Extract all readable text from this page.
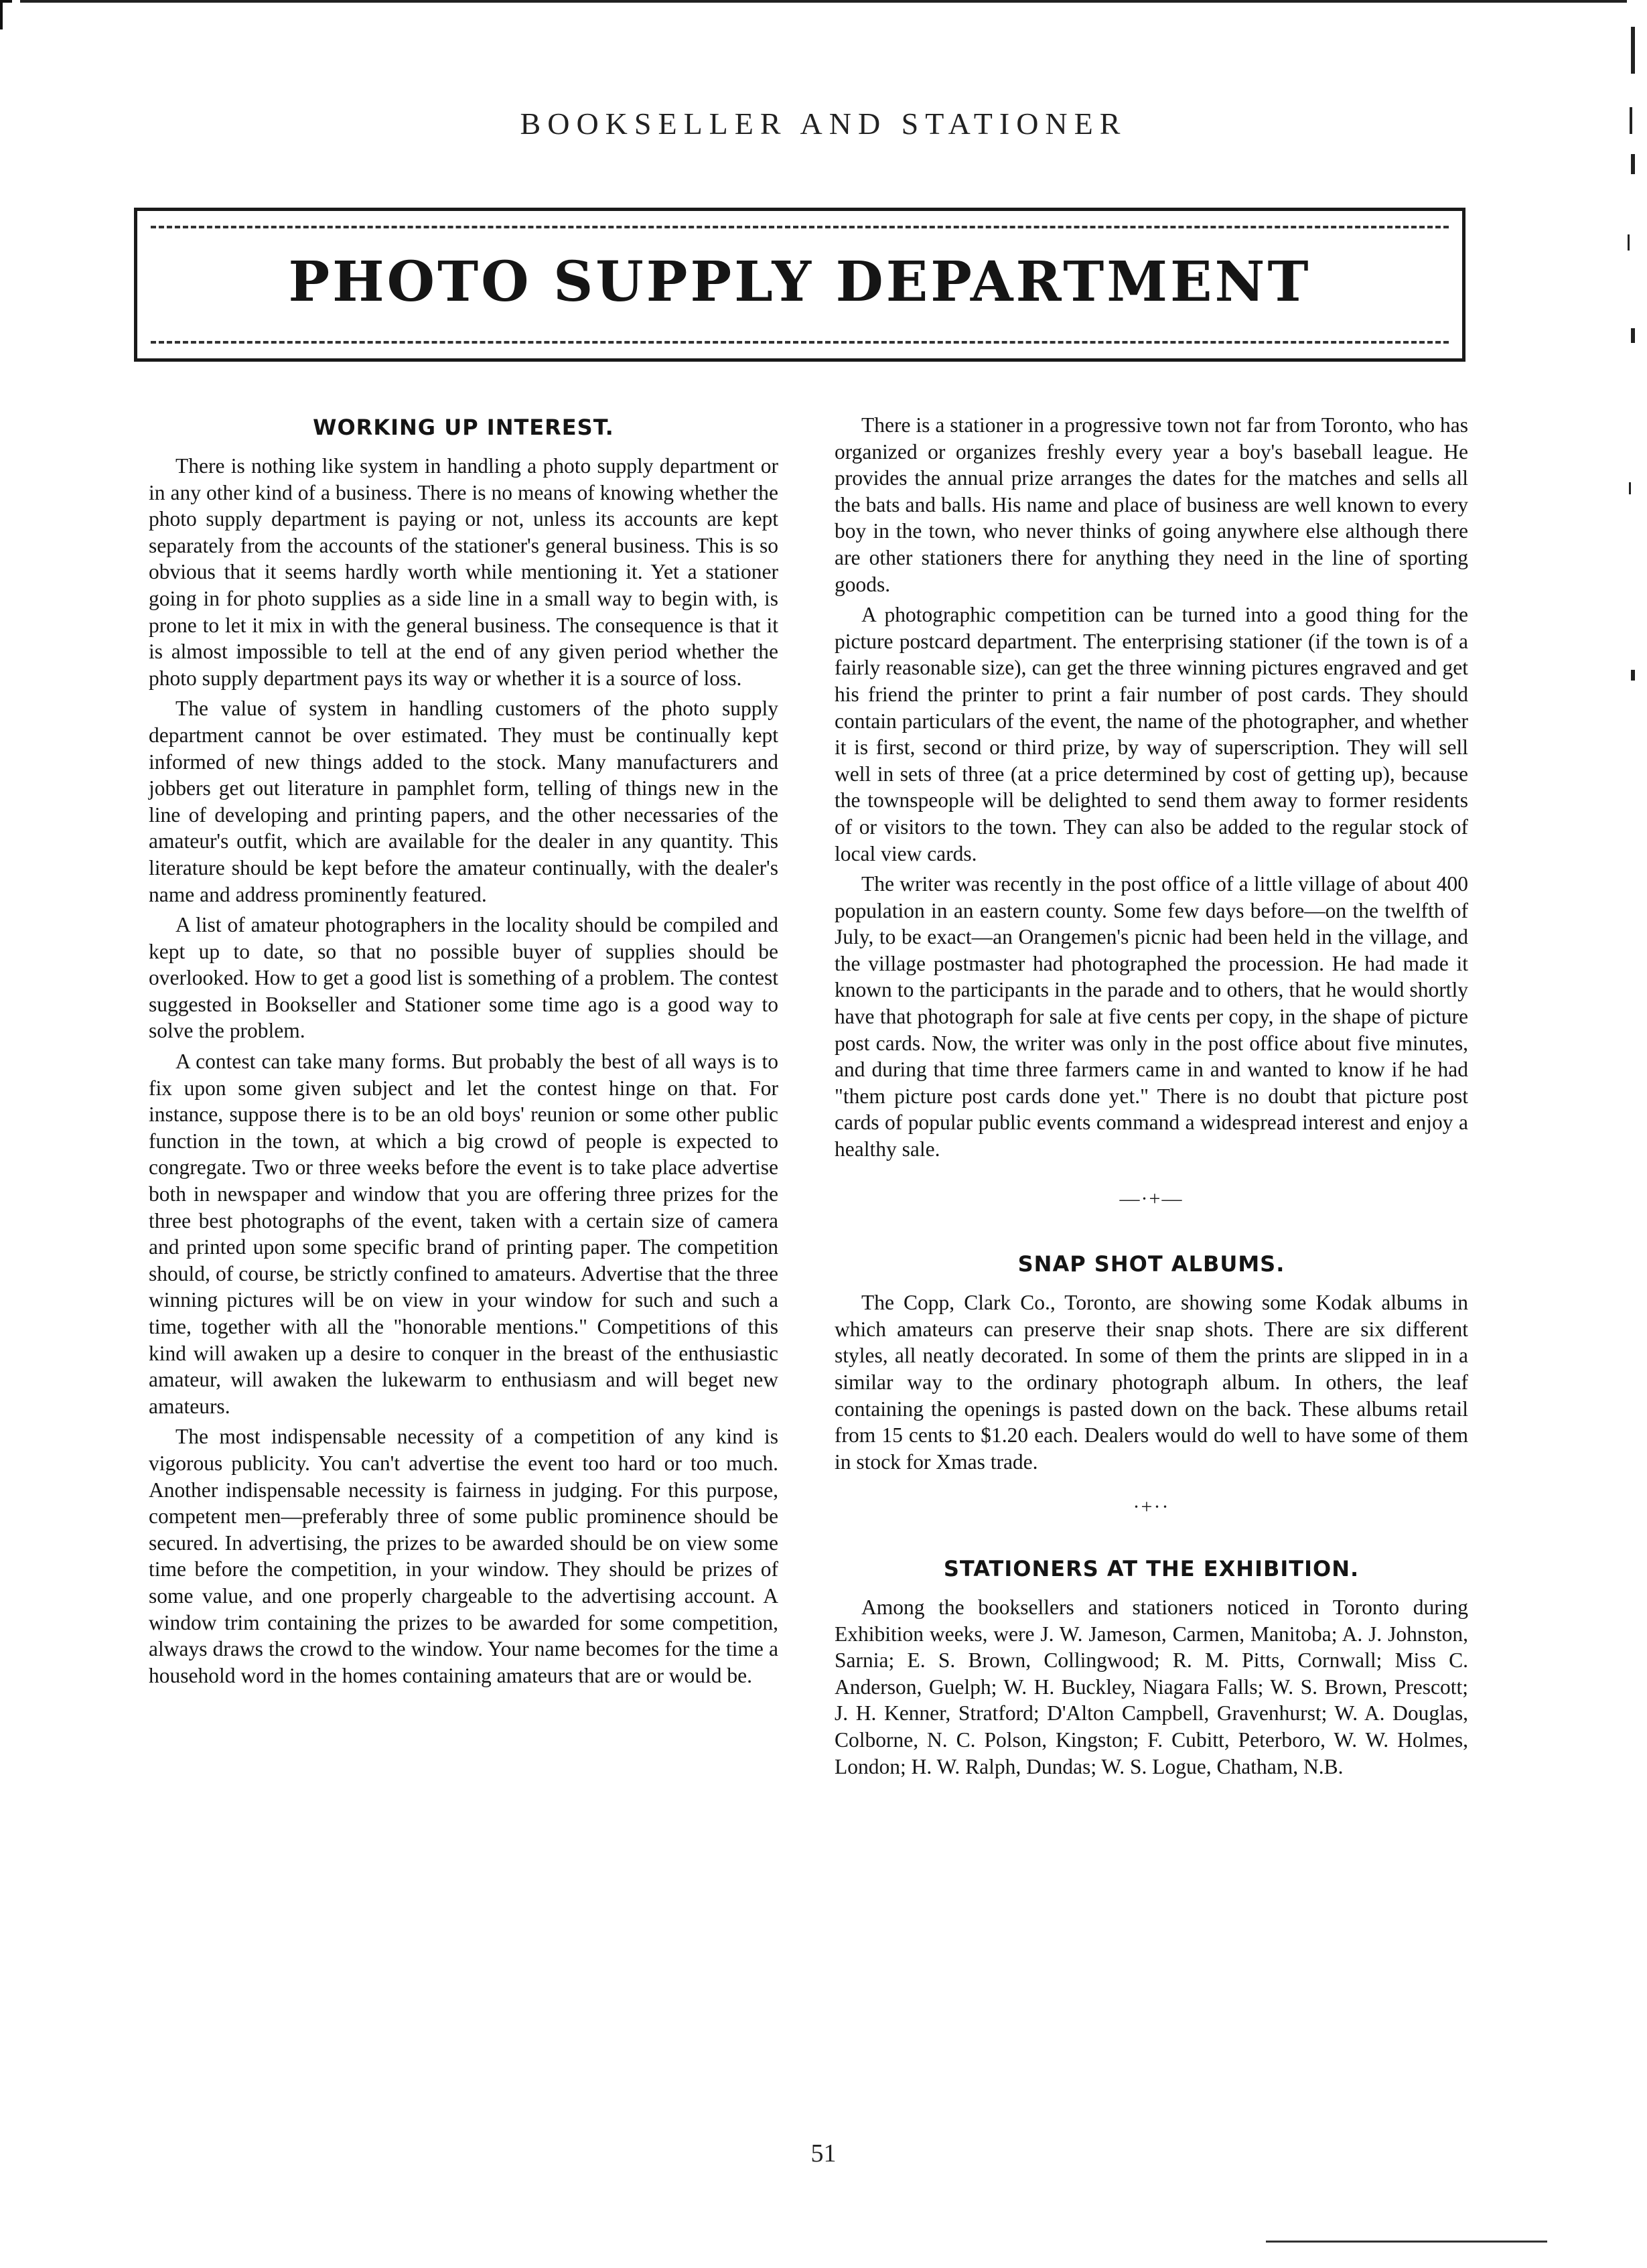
BOOKSELLER AND STATIONER
PHOTO SUPPLY DEPARTMENT
WORKING UP INTEREST.

There is nothing like system in handling a photo supply department or in any other kind of a business. There is no means of knowing whether the photo supply department is paying or not, unless its accounts are kept separately from the accounts of the stationer's general business. This is so obvious that it seems hardly worth while mentioning it. Yet a stationer going in for photo supplies as a side line in a small way to begin with, is prone to let it mix in with the general business. The consequence is that it is almost impossible to tell at the end of any given period whether the photo supply department pays its way or whether it is a source of loss.

The value of system in handling customers of the photo supply department cannot be over estimated. They must be continually kept informed of new things added to the stock. Many manufacturers and jobbers get out literature in pamphlet form, telling of things new in the line of developing and printing papers, and the other necessaries of the amateur's outfit, which are available for the dealer in any quantity. This literature should be kept before the amateur continually, with the dealer's name and address prominently featured.

A list of amateur photographers in the locality should be compiled and kept up to date, so that no possible buyer of supplies should be overlooked. How to get a good list is something of a problem. The contest suggested in Bookseller and Stationer some time ago is a good way to solve the problem.

A contest can take many forms. But probably the best of all ways is to fix upon some given subject and let the contest hinge on that. For instance, suppose there is to be an old boys' reunion or some other public function in the town, at which a big crowd of people is expected to congregate. Two or three weeks before the event is to take place advertise both in newspaper and window that you are offering three prizes for the three best photographs of the event, taken with a certain size of camera and printed upon some specific brand of printing paper. The competition should, of course, be strictly confined to amateurs. Advertise that the three winning pictures will be on view in your window for such and such a time, together with all the "honorable mentions." Competitions of this kind will awaken up a desire to conquer in the breast of the enthusiastic amateur, will awaken the lukewarm to enthusiasm and will beget new amateurs.

The most indispensable necessity of a competition of any kind is vigorous publicity. You can't advertise the event too hard or too much. Another indispensable necessity is fairness in judging. For this purpose, competent men—preferably three of some public prominence should be secured. In advertising, the prizes to be awarded should be on view some time before the competition, in your window. They should be prizes of some value, and one properly chargeable to the advertising account. A window trim containing the prizes to be awarded for some competition, always draws the crowd to the window. Your name becomes for the time a household word in the homes containing amateurs that are or would be.

There is a stationer in a progressive town not far from Toronto, who has organized or organizes freshly every year a boy's baseball league. He provides the annual prize arranges the dates for the matches and sells all the bats and balls. His name and place of business are well known to every boy in the town, who never thinks of going anywhere else although there are other stationers there for anything they need in the line of sporting goods.

A photographic competition can be turned into a good thing for the picture postcard department. The enterprising stationer (if the town is of a fairly reasonable size), can get the three winning pictures engraved and get his friend the printer to print a fair number of post cards. They should contain particulars of the event, the name of the photographer, and whether it is first, second or third prize, by way of superscription. They will sell well in sets of three (at a price determined by cost of getting up), because the townspeople will be delighted to send them away to former residents of or visitors to the town. They can also be added to the regular stock of local view cards.

The writer was recently in the post office of a little village of about 400 population in an eastern county. Some few days before—on the twelfth of July, to be exact—an Orangemen's picnic had been held in the village, and the village postmaster had photographed the procession. He had made it known to the participants in the parade and to others, that he would shortly have that photograph for sale at five cents per copy, in the shape of picture post cards. Now, the writer was only in the post office about five minutes, and during that time three farmers came in and wanted to know if he had "them picture post cards done yet." There is no doubt that picture post cards of popular public events command a widespread interest and enjoy a healthy sale.

—·+—
SNAP SHOT ALBUMS.

The Copp, Clark Co., Toronto, are showing some Kodak albums in which amateurs can preserve their snap shots. There are six different styles, all neatly decorated. In some of them the prints are slipped in in a similar way to the ordinary photograph album. In others, the leaf containing the openings is pasted down on the back. These albums retail from 15 cents to $1.20 each. Dealers would do well to have some of them in stock for Xmas trade.

·+··
STATIONERS AT THE EXHIBITION.

Among the booksellers and stationers noticed in Toronto during Exhibition weeks, were J. W. Jameson, Carmen, Manitoba; A. J. Johnston, Sarnia; E. S. Brown, Collingwood; R. M. Pitts, Cornwall; Miss C. Anderson, Guelph; W. H. Buckley, Niagara Falls; W. S. Brown, Prescott; J. H. Kenner, Stratford; D'Alton Campbell, Gravenhurst; W. A. Douglas, Colborne, N. C. Polson, Kingston; F. Cubitt, Peterboro, W. W. Holmes, London; H. W. Ralph, Dundas; W. S. Logue, Chatham, N.B.

51
